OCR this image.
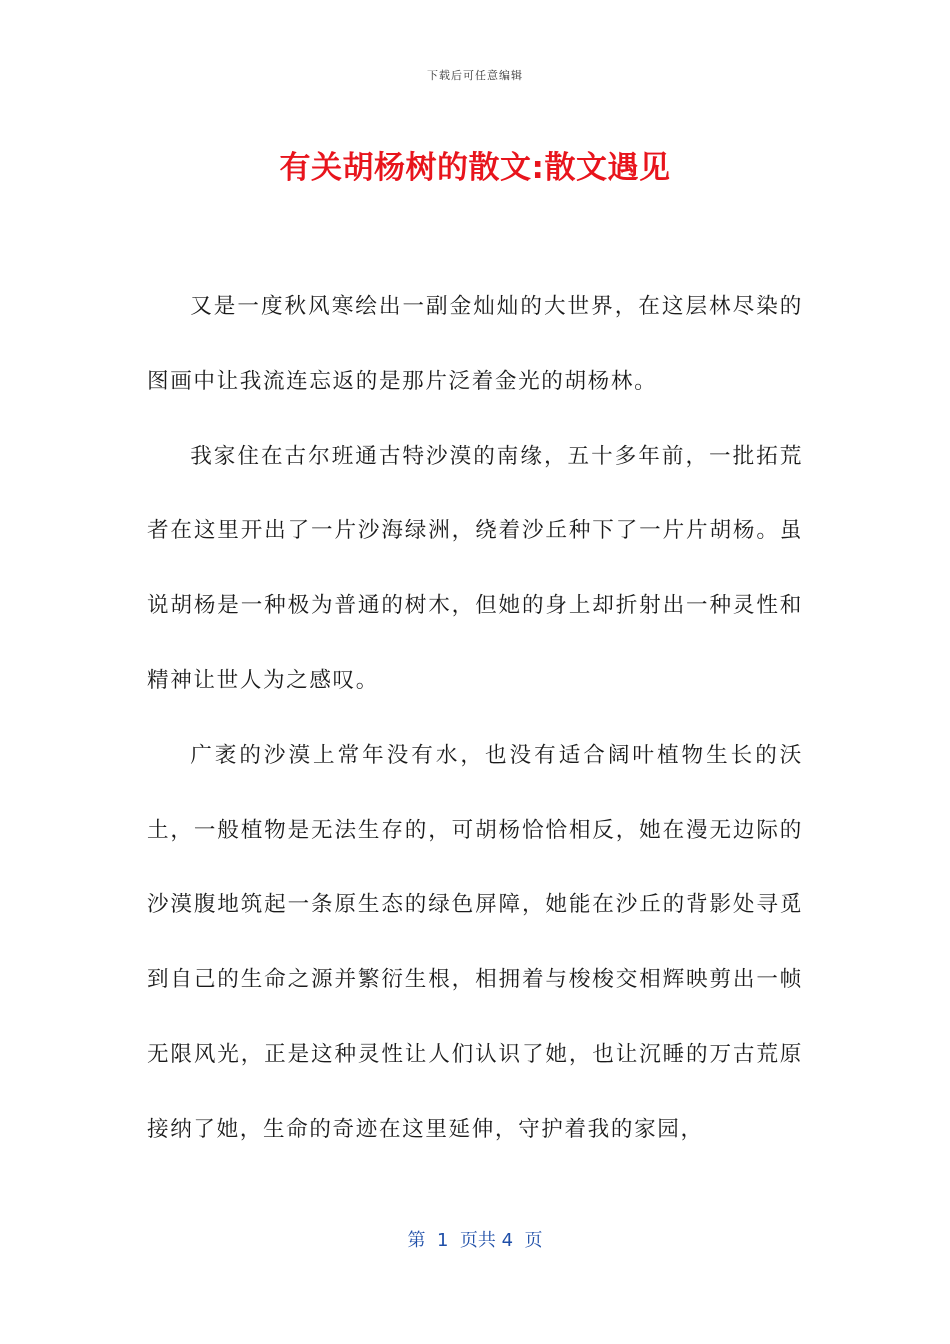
下载后可任意编辑
有关胡杨树的散文:散文遇见

又是一度秋风寒绘出一副金灿灿的大世界，在这层林尽染的图画中让我流连忘返的是那片泛着金光的胡杨林。

我家住在古尔班通古特沙漠的南缘，五十多年前，一批拓荒者在这里开出了一片沙海绿洲，绕着沙丘种下了一片片胡杨。虽说胡杨是一种极为普通的树木，但她的身上却折射出一种灵性和精神让世人为之感叹。

广袤的沙漠上常年没有水，也没有适合阔叶植物生长的沃土，一般植物是无法生存的，可胡杨恰恰相反，她在漫无边际的沙漠腹地筑起一条原生态的绿色屏障，她能在沙丘的背影处寻觅到自己的生命之源并繁衍生根，相拥着与梭梭交相辉映剪出一帧无限风光，正是这种灵性让人们认识了她，也让沉睡的万古荒原接纳了她，生命的奇迹在这里延伸，守护着我的家园，

第  1  页共 4  页
